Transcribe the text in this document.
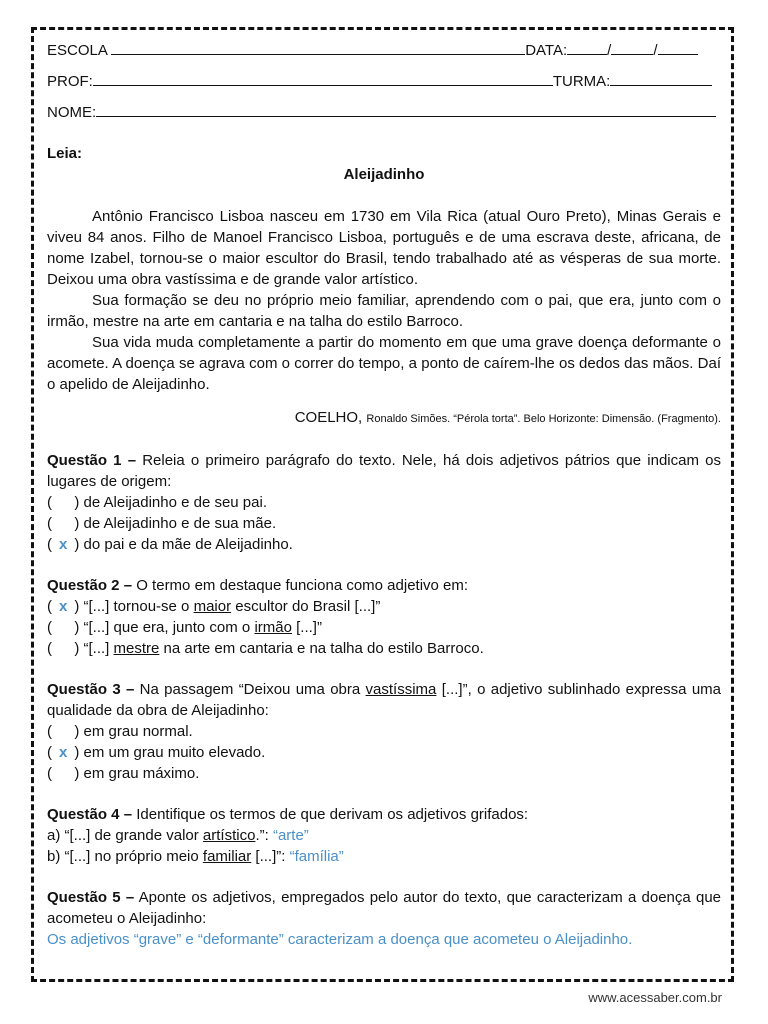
ESCOLA	DATA:	/	/
PROF:	TURMA:
NOME:
Leia:
Aleijadinho

Antônio Francisco Lisboa nasceu em 1730 em Vila Rica (atual Ouro Preto), Minas Gerais e viveu 84 anos. Filho de Manoel Francisco Lisboa, português e de uma escrava deste, africana, de nome Izabel, tornou-se o maior escultor do Brasil, tendo trabalhado até as vésperas de sua morte. Deixou uma obra vastíssima e de grande valor artístico.

Sua formação se deu no próprio meio familiar, aprendendo com o pai, que era, junto com o irmão, mestre na arte em cantaria e na talha do estilo Barroco.

Sua vida muda completamente a partir do momento em que uma grave doença deformante o acomete. A doença se agrava com o correr do tempo, a ponto de caírem-lhe os dedos das mãos. Daí o apelido de Aleijadinho.

COELHO, Ronaldo Simões. “Pérola torta”. Belo Horizonte: Dimensão. (Fragmento).
Questão 1 – Releia o primeiro parágrafo do texto. Nele, há dois adjetivos pátrios que indicam os lugares de origem:
(  ) de Aleijadinho e de seu pai.
(  ) de Aleijadinho e de sua mãe.
( x ) do pai e da mãe de Aleijadinho.
Questão 2 – O termo em destaque funciona como adjetivo em:
( x ) “[...] tornou-se o maior escultor do Brasil [...]”
(  ) “[...] que era, junto com o irmão [...]”
(  ) “[...] mestre na arte em cantaria e na talha do estilo Barroco.
Questão 3 – Na passagem “Deixou uma obra vastíssima [...]”, o adjetivo sublinhado expressa uma qualidade da obra de Aleijadinho:
(  ) em grau normal.
( x ) em um grau muito elevado.
(  ) em grau máximo.
Questão 4 – Identifique os termos de que derivam os adjetivos grifados:
a) “[...] de grande valor artístico.”: “arte”
b) “[...] no próprio meio familiar [...]”: “família”
Questão 5 – Aponte os adjetivos, empregados pelo autor do texto, que caracterizam a doença que acometeu o Aleijadinho:
Os adjetivos “grave” e “deformante” caracterizam a doença que acometeu o Aleijadinho.
www.acessaber.com.br
